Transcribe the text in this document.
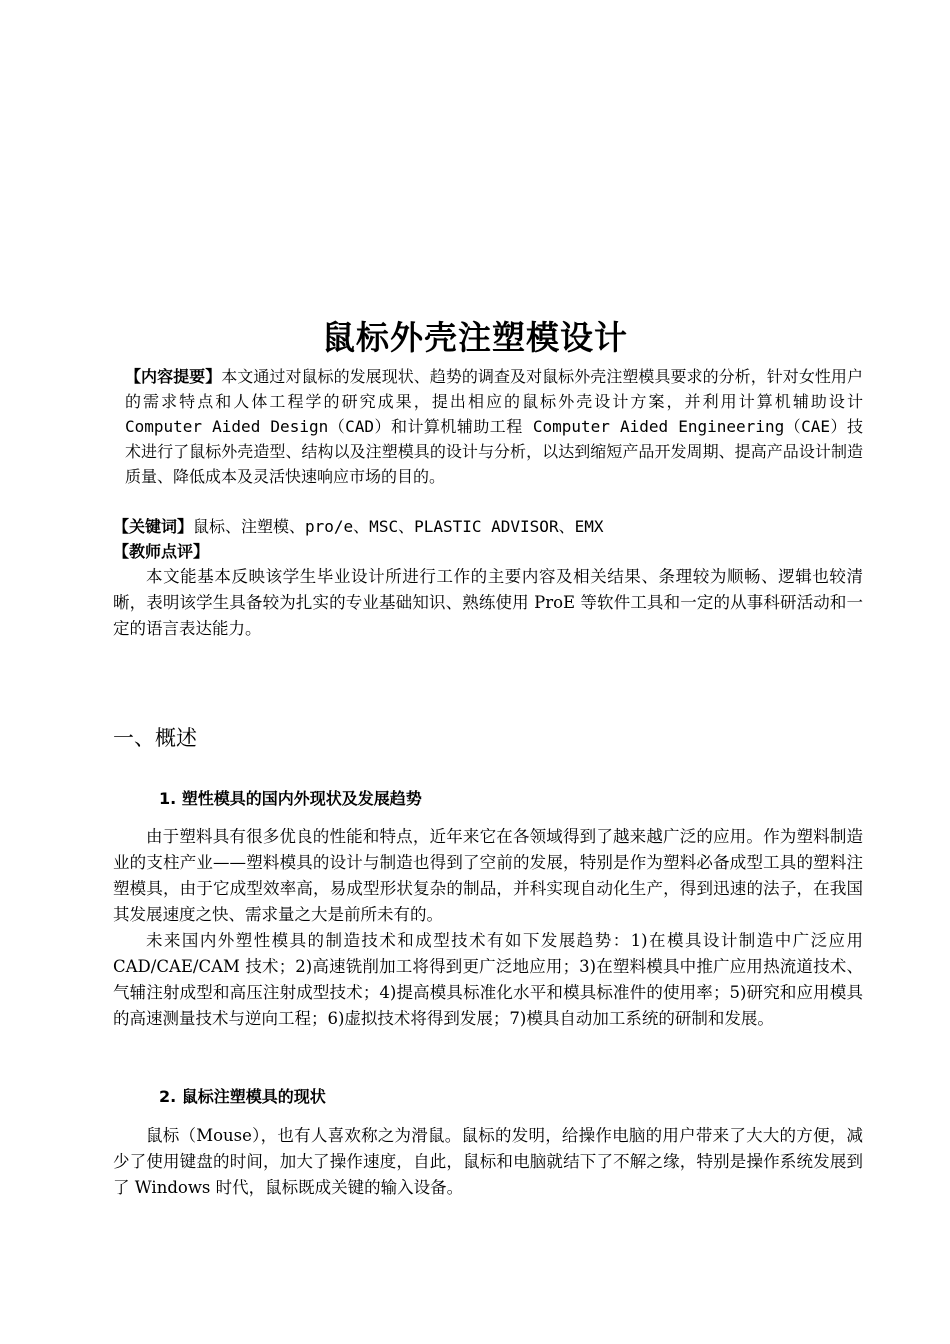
鼠标外壳注塑模设计

【内容提要】本文通过对鼠标的发展现状、趋势的调查及对鼠标外壳注塑模具要求的分析，针对女性用户的需求特点和人体工程学的研究成果，提出相应的鼠标外壳设计方案，并利用计算机辅助设计 Computer Aided Design（CAD）和计算机辅助工程 Computer Aided Engineering（CAE）技术进行了鼠标外壳造型、结构以及注塑模具的设计与分析，以达到缩短产品开发周期、提高产品设计制造质量、降低成本及灵活快速响应市场的目的。

【关键词】鼠标、注塑模、pro/e、MSC、PLASTIC ADVISOR、EMX
【教师点评】

本文能基本反映该学生毕业设计所进行工作的主要内容及相关结果、条理较为顺畅、逻辑也较清晰，表明该学生具备较为扎实的专业基础知识、熟练使用 ProE 等软件工具和一定的从事科研活动和一定的语言表达能力。

一、概述
1. 塑性模具的国内外现状及发展趋势

由于塑料具有很多优良的性能和特点，近年来它在各领域得到了越来越广泛的应用。作为塑料制造业的支柱产业——塑料模具的设计与制造也得到了空前的发展，特别是作为塑料必备成型工具的塑料注塑模具，由于它成型效率高，易成型形状复杂的制品，并科实现自动化生产，得到迅速的法子，在我国其发展速度之快、需求量之大是前所未有的。

未来国内外塑性模具的制造技术和成型技术有如下发展趋势：1)在模具设计制造中广泛应用 CAD/CAE/CAM 技术；2)高速铣削加工将得到更广泛地应用；3)在塑料模具中推广应用热流道技术、气辅注射成型和高压注射成型技术；4)提高模具标准化水平和模具标准件的使用率；5)研究和应用模具的高速测量技术与逆向工程；6)虚拟技术将得到发展；7)模具自动加工系统的研制和发展。

2. 鼠标注塑模具的现状

鼠标（Mouse），也有人喜欢称之为滑鼠。鼠标的发明，给操作电脑的用户带来了大大的方便，减少了使用键盘的时间，加大了操作速度，自此，鼠标和电脑就结下了不解之缘，特别是操作系统发展到了 Windows 时代，鼠标既成关键的输入设备。
